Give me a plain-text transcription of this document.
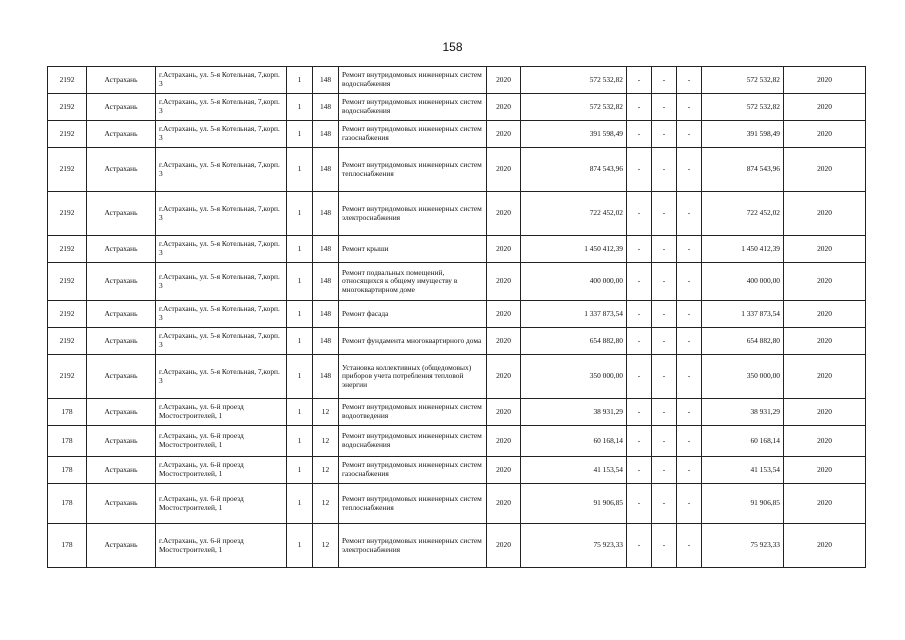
158
2192	Астрахань	г.Астрахань, ул. 5-я Котельная, 7,корп. 3	1	148	Ремонт внутридомовых инженерных систем водоснабжения	2020	572 532,82	-	-	-	572 532,82	2020
2192	Астрахань	г.Астрахань, ул. 5-я Котельная, 7,корп. 3	1	148	Ремонт внутридомовых инженерных систем водоснабжения	2020	572 532,82	-	-	-	572 532,82	2020
2192	Астрахань	г.Астрахань, ул. 5-я Котельная, 7,корп. 3	1	148	Ремонт внутридомовых инженерных систем газоснабжения	2020	391 598,49	-	-	-	391 598,49	2020
2192	Астрахань	г.Астрахань, ул. 5-я Котельная, 7,корп. 3	1	148	Ремонт внутридомовых инженерных систем теплоснабжения	2020	874 543,96	-	-	-	874 543,96	2020
2192	Астрахань	г.Астрахань, ул. 5-я Котельная, 7,корп. 3	1	148	Ремонт внутридомовых инженерных систем электроснабжения	2020	722 452,02	-	-	-	722 452,02	2020
2192	Астрахань	г.Астрахань, ул. 5-я Котельная, 7,корп. 3	1	148	Ремонт крыши	2020	1 450 412,39	-	-	-	1 450 412,39	2020
2192	Астрахань	г.Астрахань, ул. 5-я Котельная, 7,корп. 3	1	148	Ремонт подвальных помещений, относящихся к общему имуществу в многоквартирном доме	2020	400 000,00	-	-	-	400 000,00	2020
2192	Астрахань	г.Астрахань, ул. 5-я Котельная, 7,корп. 3	1	148	Ремонт фасада	2020	1 337 873,54	-	-	-	1 337 873,54	2020
2192	Астрахань	г.Астрахань, ул. 5-я Котельная, 7,корп. 3	1	148	Ремонт фундамента многоквартирного дома	2020	654 882,80	-	-	-	654 882,80	2020
2192	Астрахань	г.Астрахань, ул. 5-я Котельная, 7,корп. 3	1	148	Установка коллективных (общедомовых) приборов учета потребления тепловой энергии	2020	350 000,00	-	-	-	350 000,00	2020
178	Астрахань	г.Астрахань, ул. 6-й проезд Мостостроителей, 1	1	12	Ремонт внутридомовых инженерных систем водоотведения	2020	38 931,29	-	-	-	38 931,29	2020
178	Астрахань	г.Астрахань, ул. 6-й проезд Мостостроителей, 1	1	12	Ремонт внутридомовых инженерных систем водоснабжения	2020	60 168,14	-	-	-	60 168,14	2020
178	Астрахань	г.Астрахань, ул. 6-й проезд Мостостроителей, 1	1	12	Ремонт внутридомовых инженерных систем газоснабжения	2020	41 153,54	-	-	-	41 153,54	2020
178	Астрахань	г.Астрахань, ул. 6-й проезд Мостостроителей, 1	1	12	Ремонт внутридомовых инженерных систем теплоснабжения	2020	91 906,85	-	-	-	91 906,85	2020
178	Астрахань	г.Астрахань, ул. 6-й проезд Мостостроителей, 1	1	12	Ремонт внутридомовых инженерных систем электроснабжения	2020	75 923,33	-	-	-	75 923,33	2020
